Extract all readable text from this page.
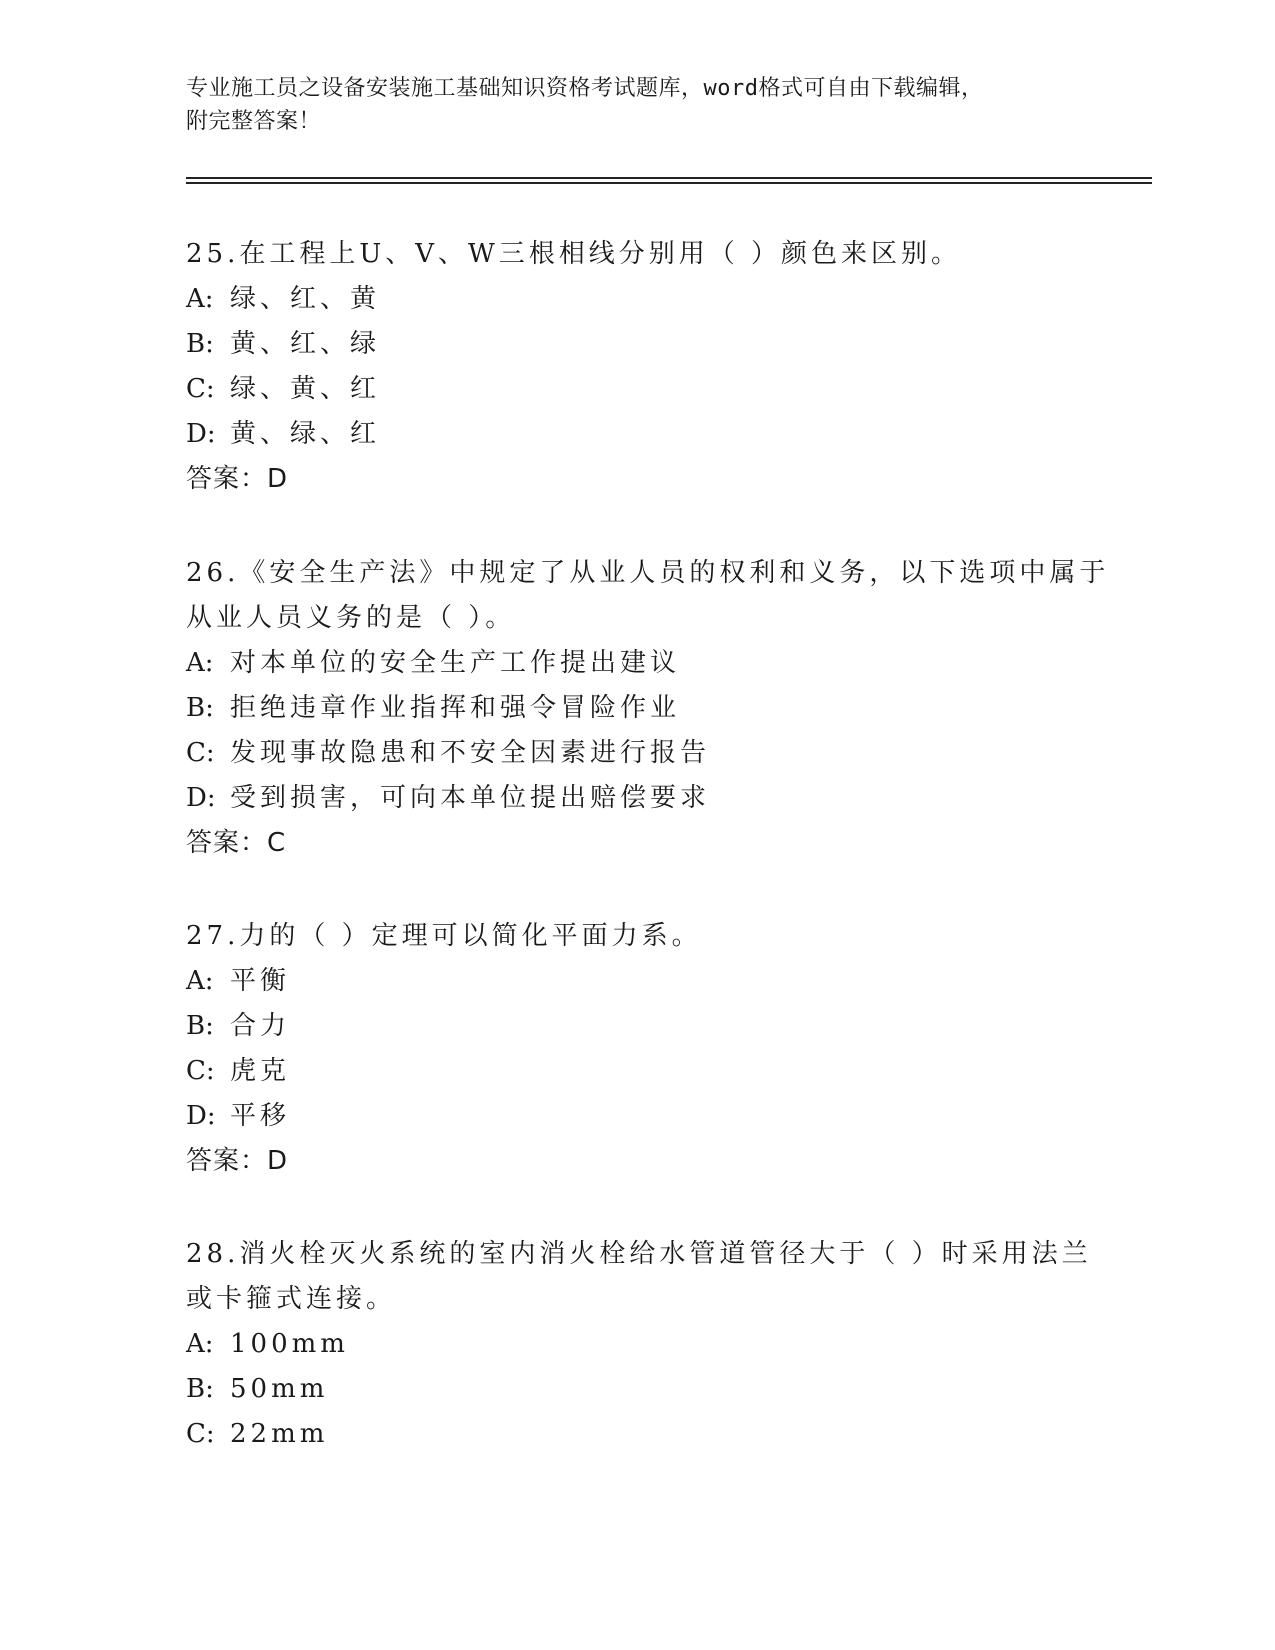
专业施工员之设备安装施工基础知识资格考试题库，word格式可自由下载编辑，
附完整答案！
25.在工程上U、V、W三根相线分别用（ ）颜色来区别。
A: 绿、红、黄
B: 黄、红、绿
C: 绿、黄、红
D: 黄、绿、红
答案：D
26.《安全生产法》中规定了从业人员的权利和义务，以下选项中属于
从业人员义务的是（ ）。
A: 对本单位的安全生产工作提出建议
B: 拒绝违章作业指挥和强令冒险作业
C: 发现事故隐患和不安全因素进行报告
D: 受到损害，可向本单位提出赔偿要求
答案：C
27.力的（ ）定理可以简化平面力系。
A: 平衡
B: 合力
C: 虎克
D: 平移
答案：D
28.消火栓灭火系统的室内消火栓给水管道管径大于（ ）时采用法兰
或卡箍式连接。
A: 100mm
B: 50mm
C: 22mm
